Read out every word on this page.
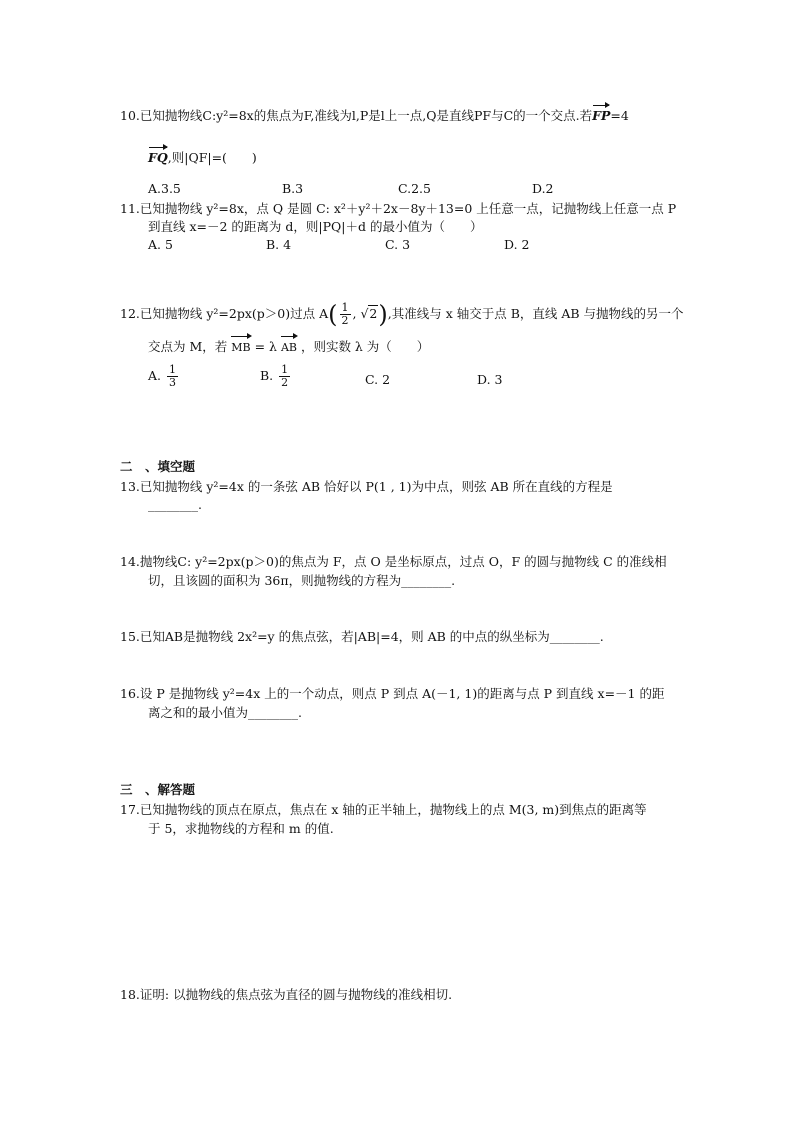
10.已知抛物线C:y²=8x的焦点为F,准线为l,P是l上一点,Q是直线PF与C的一个交点.若FP=4
FQ,则|QF|=(　　)
A.3.5	B.3	C.2.5	D.2
11.已知抛物线 y²=8x，点 Q 是圆 C: x²＋y²＋2x－8y＋13=0 上任意一点，记抛物线上任意一点 P
到直线 x=－2 的距离为 d，则|PQ|＋d 的最小值为（　　）
A. 5	B. 4	C. 3	D. 2
12.已知抛物线 y²=2px(p＞0)过点 $A( \frac{1}{2}$ , √2),其准线与 x 轴交于点 B，直线 AB 与抛物线的另一个
交点为 M，若 MB = λ AB ，则实数 λ 为（　　）
A. $\frac{1}{3}$	B. $\frac{1}{2}$	C. 2	D. 3
二　、填空题
13.已知抛物线 y²=4x 的一条弦 AB 恰好以 P(1 , 1)为中点，则弦 AB 所在直线的方程是
________.
14.抛物线C: y²=2px(p＞0)的焦点为 F，点 O 是坐标原点，过点 O，F 的圆与抛物线 C 的准线相
切，且该圆的面积为 36π，则抛物线的方程为________.
15.已知AB是抛物线 2x²=y 的焦点弦，若|AB|=4，则 AB 的中点的纵坐标为________.
16.设 P 是抛物线 y²=4x 上的一个动点，则点 P 到点 A(－1, 1)的距离与点 P 到直线 x=－1 的距
离之和的最小值为________.
三　、解答题
17.已知抛物线的顶点在原点，焦点在 x 轴的正半轴上，抛物线上的点 M(3, m)到焦点的距离等
于 5，求抛物线的方程和 m 的值.
18.证明: 以抛物线的焦点弦为直径的圆与抛物线的准线相切.
